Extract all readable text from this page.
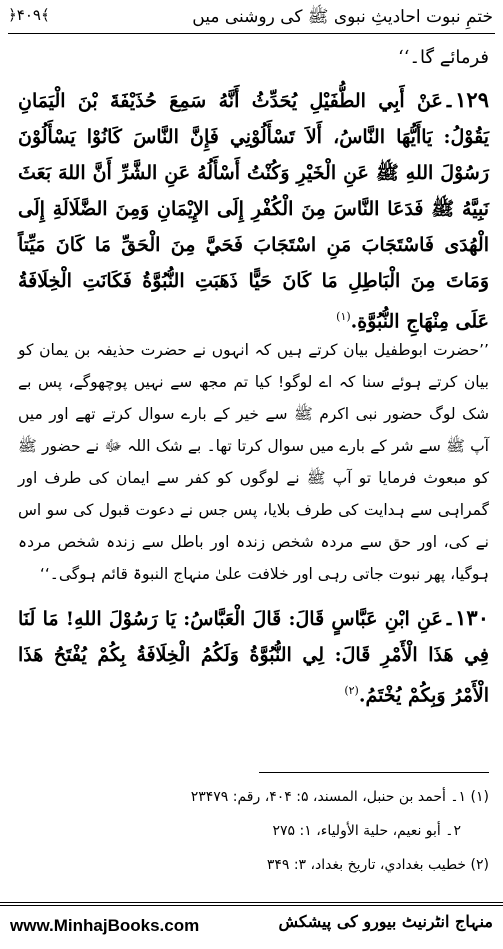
ختمِ نبوت احادیثِ نبوی ﷺ کی روشنی میں
﴿۴۰۹﴾
فرمائے گا۔‘‘
۱۲۹۔عَنْ أَبِي الطُّفَيْلِ يُحَدِّثُ أَنَّهُ سَمِعَ حُذَيْفَةَ بْنَ الْيَمَانِ يَقُوْلُ: يَاأَيُّهَا النَّاسُ، أَلاَ تَسْأَلُوْنِي فَإِنَّ النَّاسَ كَانُوْا يَسْأَلُوْنَ رَسُوْلَ اللهِ ﷺ عَنِ الْخَيْرِ وَكُنْتُ أَسْأَلُهُ عَنِ الشَّرِّ أَنَّ اللهَ بَعَثَ نَبِيَّهُ ﷺ فَدَعَا النَّاسَ مِنَ الْكُفْرِ إِلَى الإِيْمَانِ وَمِنَ الضَّلَالَةِ إِلَى الْهُدَى فَاسْتَجَابَ مَنِ اسْتَجَابَ فَحَيَّ مِنَ الْحَقِّ مَا كَانَ مَيِّتاً وَمَاتَ مِنَ الْبَاطِلِ مَا كَانَ حَيًّا ذَهَبَتِ النُّبُوَّةُ فَكَانَتِ الْخِلَافَةُ عَلَى مِنْهَاجِ النُّبُوَّةِ.$^{(۱)}$
’’حضرت ابوطفیل بیان کرتے ہیں کہ انہوں نے حضرت حذیفہ بن یمان کو بیان کرتے ہوئے سنا کہ اے لوگو! کیا تم مجھ سے نہیں پوچھوگے، پس بے شک لوگ حضور نبی اکرم ﷺ سے خیر کے بارے سوال کرتے تھے اور میں آپ ﷺ سے شر کے بارے میں سوال کرتا تھا۔ بے شک اللہ ﷻ نے حضور ﷺ کو مبعوث فرمایا تو آپ ﷺ نے لوگوں کو کفر سے ایمان کی طرف اور گمراہی سے ہدایت کی طرف بلایا، پس جس نے دعوت قبول کی سو اس نے کی، اور حق سے مردہ شخص زندہ اور باطل سے زندہ شخص مردہ ہوگیا، پھر نبوت جاتی رہی اور خلافت علیٰ منہاج النبوۃ قائم ہوگی۔‘‘
۱۳۰۔عَنِ ابْنِ عَبَّاسٍ قَالَ: قَالَ الْعَبَّاسُ: يَا رَسُوْلَ اللهِ! مَا لَنَا فِي هَذَا الْأَمْرِ قَالَ: لِي النُّبُوَّةُ وَلَكُمُ الْخِلَافَةُ بِكُمْ يُفْتَحُ هَذَا الْأَمْرُ وَبِكُمْ يُخْتَمُ.$^{(۲)}$
(۱) ۱۔ أحمد بن حنبل، المسند، ۵: ۴۰۴، رقم: ۲۳۴۷۹
۲۔ أبو نعيم، حلية الأولياء، ۱: ۲۷۵
(۲) خطيب بغدادي، تاريخ بغداد، ۳: ۳۴۹
www.MinhajBooks.com	منہاج انٹرنیٹ بیورو کی پیشکش
